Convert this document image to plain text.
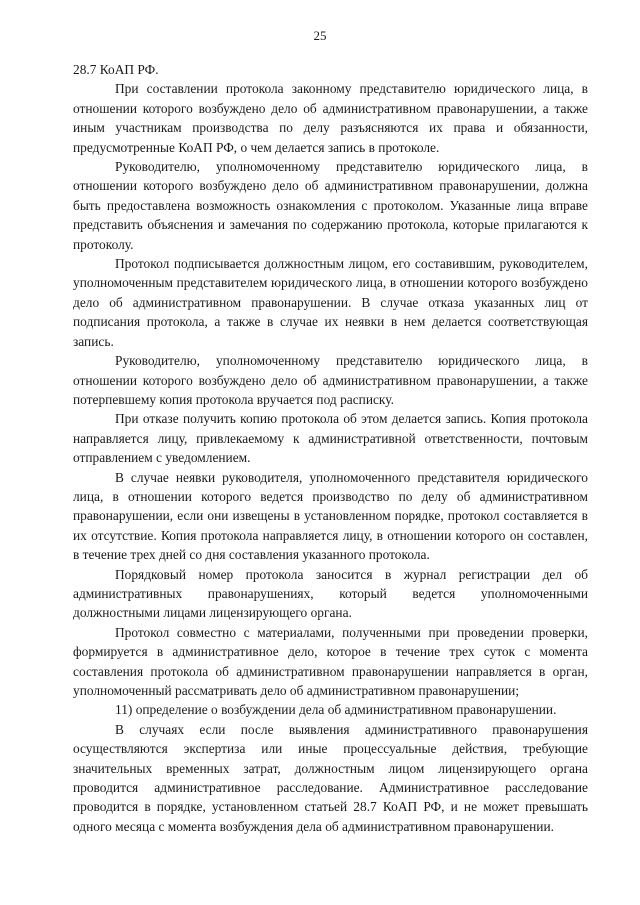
25

28.7 КоАП РФ.

При составлении протокола законному представителю юридического лица, в отношении которого возбуждено дело об административном правонарушении, а также иным участникам производства по делу разъясняются их права и обязанности, предусмотренные КоАП РФ, о чем делается запись в протоколе.

Руководителю, уполномоченному представителю юридического лица, в отношении которого возбуждено дело об административном правонарушении, должна быть предоставлена возможность ознакомления с протоколом. Указанные лица вправе представить объяснения и замечания по содержанию протокола, которые прилагаются к протоколу.

Протокол подписывается должностным лицом, его составившим, руководителем, уполномоченным представителем юридического лица, в отношении которого возбуждено дело об административном правонарушении. В случае отказа указанных лиц от подписания протокола, а также в случае их неявки в нем делается соответствующая запись.

Руководителю, уполномоченному представителю юридического лица, в отношении которого возбуждено дело об административном правонарушении, а также потерпевшему копия протокола вручается под расписку.

При отказе получить копию протокола об этом делается запись. Копия протокола направляется лицу, привлекаемому к административной ответственности, почтовым отправлением с уведомлением.

В случае неявки руководителя, уполномоченного представителя юридического лица, в отношении которого ведется производство по делу об административном правонарушении, если они извещены в установленном порядке, протокол составляется в их отсутствие. Копия протокола направляется лицу, в отношении которого он составлен, в течение трех дней со дня составления указанного протокола.

Порядковый номер протокола заносится в журнал регистрации дел об административных правонарушениях, который ведется уполномоченными должностными лицами лицензирующего органа.

Протокол совместно с материалами, полученными при проведении проверки, формируется в административное дело, которое в течение трех суток с момента составления протокола об административном правонарушении направляется в орган, уполномоченный рассматривать дело об административном правонарушении;

11) определение о возбуждении дела об административном правонарушении.

В случаях если после выявления административного правонарушения осуществляются экспертиза или иные процессуальные действия, требующие значительных временных затрат, должностным лицом лицензирующего органа проводится административное расследование. Административное расследование проводится в порядке, установленном статьей 28.7 КоАП РФ, и не может превышать одного месяца с момента возбуждения дела об административном правонарушении.
